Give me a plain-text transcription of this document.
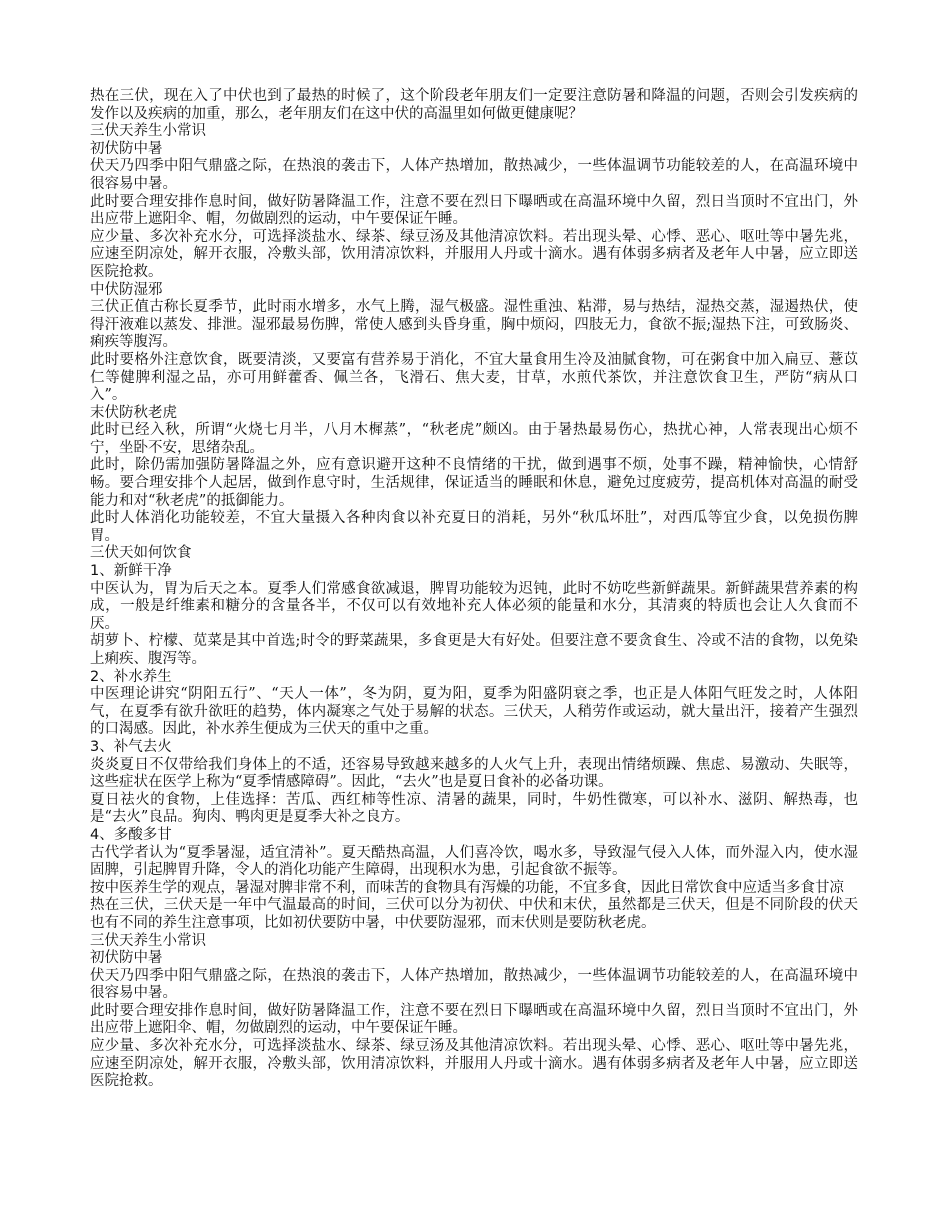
热在三伏，现在入了中伏也到了最热的时候了，这个阶段老年朋友们一定要注意防暑和降温的问题，否则会引发疾病的发作以及疾病的加重，那么，老年朋友们在这中伏的高温里如何做更健康呢？

三伏天养生小常识

初伏防中暑

伏天乃四季中阳气鼎盛之际，在热浪的袭击下，人体产热增加，散热减少，一些体温调节功能较差的人，在高温环境中很容易中暑。

此时要合理安排作息时间，做好防暑降温工作，注意不要在烈日下曝晒或在高温环境中久留，烈日当顶时不宜出门，外出应带上遮阳伞、帽，勿做剧烈的运动，中午要保证午睡。

应少量、多次补充水分，可选择淡盐水、绿茶、绿豆汤及其他清凉饮料。若出现头晕、心悸、恶心、呕吐等中暑先兆，应速至阴凉处，解开衣服，冷敷头部，饮用清凉饮料，并服用人丹或十滴水。遇有体弱多病者及老年人中暑，应立即送医院抢救。

中伏防湿邪

三伏正值古称长夏季节，此时雨水增多，水气上腾，湿气极盛。湿性重浊、粘滞，易与热结，湿热交蒸，湿遏热伏，使得汗液难以蒸发、排泄。湿邪最易伤脾，常使人感到头昏身重，胸中烦闷，四肢无力，食欲不振;湿热下注，可致肠炎、痢疾等腹泻。

此时要格外注意饮食，既要清淡，又要富有营养易于消化，不宜大量食用生冷及油腻食物，可在粥食中加入扁豆、薏苡仁等健脾利湿之品，亦可用鲜藿香、佩兰各，飞滑石、焦大麦，甘草，水煎代茶饮，并注意饮食卫生，严防“病从口入”。

末伏防秋老虎

此时已经入秋，所谓“火烧七月半，八月木樨蒸”，“秋老虎”颇凶。由于暑热最易伤心，热扰心神，人常表现出心烦不宁，坐卧不安，思绪杂乱。

此时，除仍需加强防暑降温之外，应有意识避开这种不良情绪的干扰，做到遇事不烦，处事不躁，精神愉快，心情舒畅。要合理安排个人起居，做到作息守时，生活规律，保证适当的睡眠和休息，避免过度疲劳，提高机体对高温的耐受能力和对“秋老虎”的抵御能力。

此时人体消化功能较差，不宜大量摄入各种肉食以补充夏日的消耗，另外“秋瓜坏肚”，对西瓜等宜少食，以免损伤脾胃。

三伏天如何饮食

1、新鲜干净

中医认为，胃为后天之本。夏季人们常感食欲减退，脾胃功能较为迟钝，此时不妨吃些新鲜蔬果。新鲜蔬果营养素的构成，一般是纤维素和糖分的含量各半，不仅可以有效地补充人体必须的能量和水分，其清爽的特质也会让人久食而不厌。

胡萝卜、柠檬、苋菜是其中首选;时令的野菜蔬果，多食更是大有好处。但要注意不要贪食生、冷或不洁的食物，以免染上痢疾、腹泻等。

2、补水养生

中医理论讲究“阴阳五行”、“天人一体”，冬为阴，夏为阳，夏季为阳盛阴衰之季，也正是人体阳气旺发之时，人体阳气，在夏季有欲升欲旺的趋势，体内凝寒之气处于易解的状态。三伏天，人稍劳作或运动，就大量出汗，接着产生强烈的口渴感。因此，补水养生便成为三伏天的重中之重。

3、补气去火

炎炎夏日不仅带给我们身体上的不适，还容易导致越来越多的人火气上升，表现出情绪烦躁、焦虑、易激动、失眠等，这些症状在医学上称为“夏季情感障碍”。因此，“去火”也是夏日食补的必备功课。

夏日祛火的食物，上佳选择：苦瓜、西红柿等性凉、清暑的蔬果，同时，牛奶性微寒，可以补水、滋阴、解热毒，也是“去火”良品。狗肉、鸭肉更是夏季大补之良方。

4、多酸多甘

古代学者认为“夏季暑湿，适宜清补”。夏天酷热高温，人们喜冷饮，喝水多，导致湿气侵入人体，而外湿入内，使水湿固脾，引起脾胃升降，令人的消化功能产生障碍，出现积水为患，引起食欲不振等。

按中医养生学的观点，暑湿对脾非常不利，而味苦的食物具有泻燥的功能，不宜多食，因此日常饮食中应适当多食甘凉

热在三伏，三伏天是一年中气温最高的时间，三伏可以分为初伏、中伏和末伏，虽然都是三伏天，但是不同阶段的伏天也有不同的养生注意事项，比如初伏要防中暑，中伏要防湿邪，而末伏则是要防秋老虎。

三伏天养生小常识

初伏防中暑

伏天乃四季中阳气鼎盛之际，在热浪的袭击下，人体产热增加，散热减少，一些体温调节功能较差的人，在高温环境中很容易中暑。

此时要合理安排作息时间，做好防暑降温工作，注意不要在烈日下曝晒或在高温环境中久留，烈日当顶时不宜出门，外出应带上遮阳伞、帽，勿做剧烈的运动，中午要保证午睡。

应少量、多次补充水分，可选择淡盐水、绿茶、绿豆汤及其他清凉饮料。若出现头晕、心悸、恶心、呕吐等中暑先兆，应速至阴凉处，解开衣服，冷敷头部，饮用清凉饮料，并服用人丹或十滴水。遇有体弱多病者及老年人中暑，应立即送医院抢救。
